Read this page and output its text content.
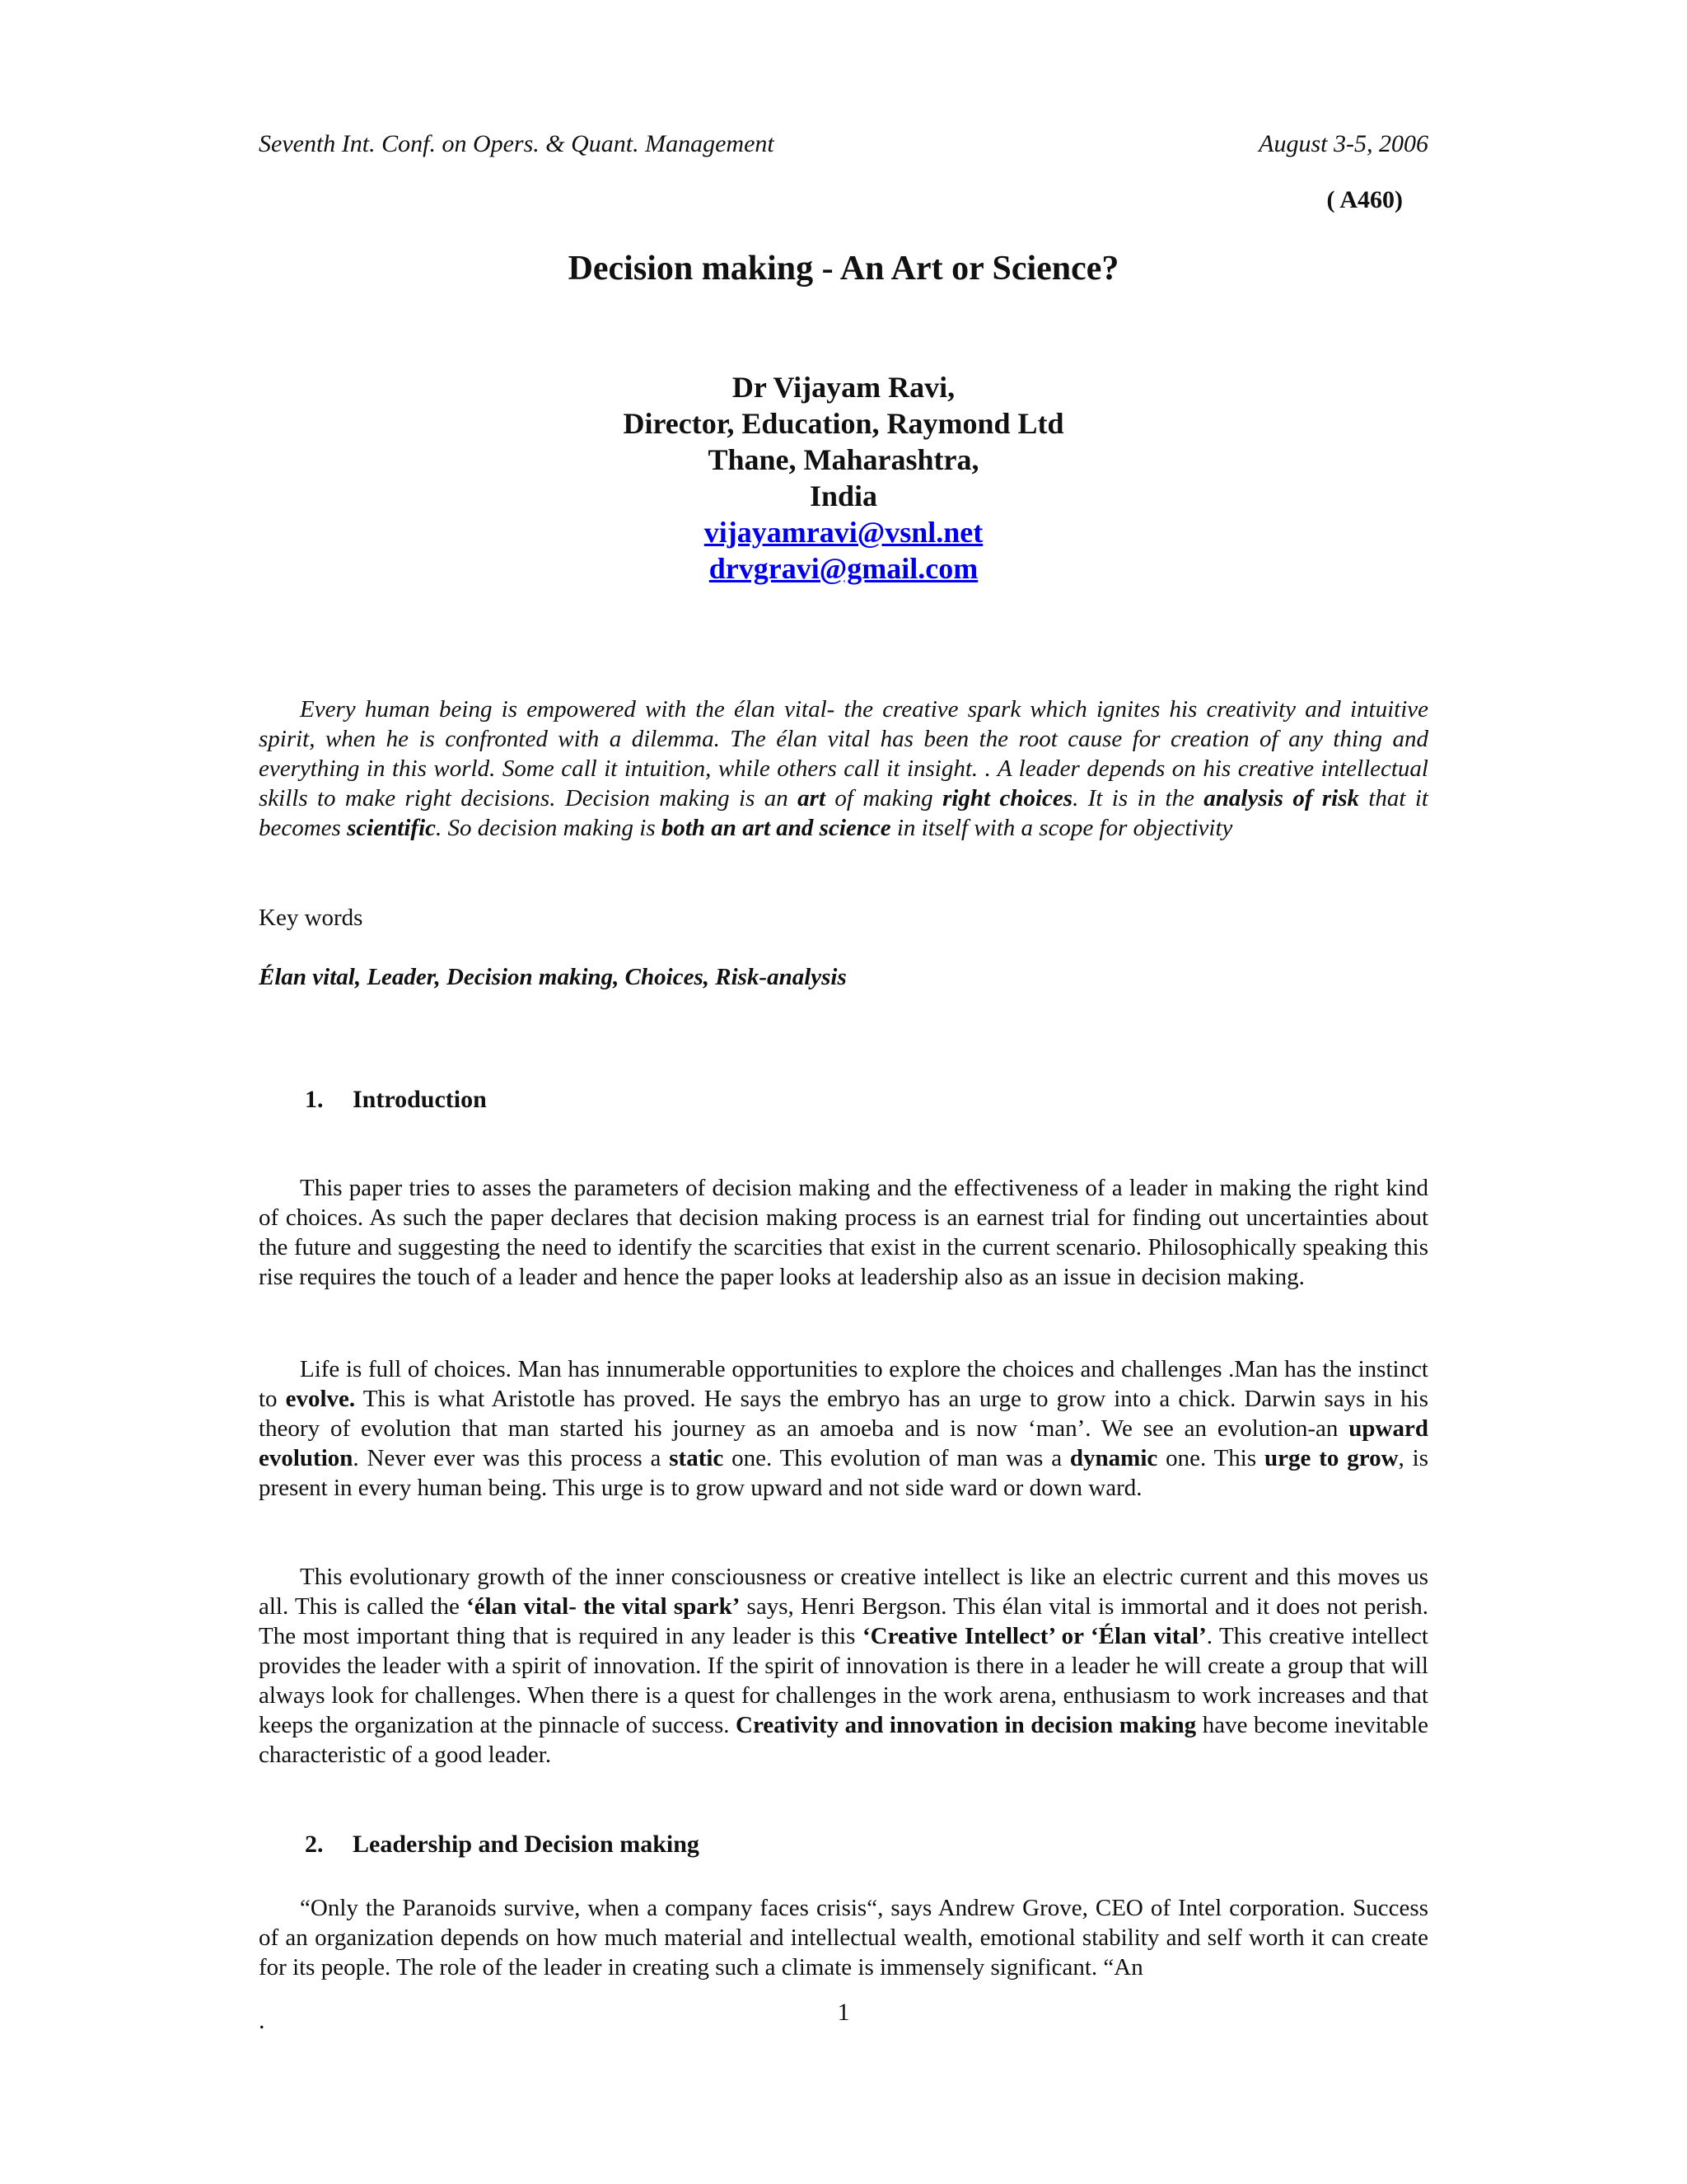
Seventh Int. Conf. on Opers. & Quant. Management	August 3-5, 2006
( A460)
Decision making - An Art or Science?
Dr Vijayam Ravi,
Director, Education, Raymond Ltd
Thane, Maharashtra,
India
vijayamravi@vsnl.net
drvgravi@gmail.com
Every human being is empowered with the élan vital- the creative spark which ignites his creativity and intuitive spirit, when he is confronted with a dilemma. The élan vital has been the root cause for creation of any thing and everything in this world. Some call it intuition, while others call it insight. . A leader depends on his creative intellectual skills to make right decisions. Decision making is an art of making right choices. It is in the analysis of risk that it becomes scientific. So decision making is both an art and science in itself with a scope for objectivity
Key words
Élan vital, Leader, Decision making, Choices, Risk-analysis
1. Introduction
This paper tries to asses the parameters of decision making and the effectiveness of a leader in making the right kind of choices. As such the paper declares that decision making process is an earnest trial for finding out uncertainties about the future and suggesting the need to identify the scarcities that exist in the current scenario. Philosophically speaking this rise requires the touch of a leader and hence the paper looks at leadership also as an issue in decision making.
Life is full of choices. Man has innumerable opportunities to explore the choices and challenges .Man has the instinct to evolve. This is what Aristotle has proved. He says the embryo has an urge to grow into a chick. Darwin says in his theory of evolution that man started his journey as an amoeba and is now ‘man’. We see an evolution-an upward evolution. Never ever was this process a static one. This evolution of man was a dynamic one. This urge to grow, is present in every human being. This urge is to grow upward and not side ward or down ward.
This evolutionary growth of the inner consciousness or creative intellect is like an electric current and this moves us all. This is called the ‘élan vital- the vital spark’ says, Henri Bergson. This élan vital is immortal and it does not perish. The most important thing that is required in any leader is this ‘Creative Intellect’ or ‘Élan vital’. This creative intellect provides the leader with a spirit of innovation. If the spirit of innovation is there in a leader he will create a group that will always look for challenges. When there is a quest for challenges in the work arena, enthusiasm to work increases and that keeps the organization at the pinnacle of success. Creativity and innovation in decision making have become inevitable characteristic of a good leader.
2. Leadership and Decision making
“Only the Paranoids survive, when a company faces crisis“, says Andrew Grove, CEO of Intel corporation. Success of an organization depends on how much material and intellectual wealth, emotional stability and self worth it can create for its people. The role of the leader in creating such a climate is immensely significant. “An
.	1
